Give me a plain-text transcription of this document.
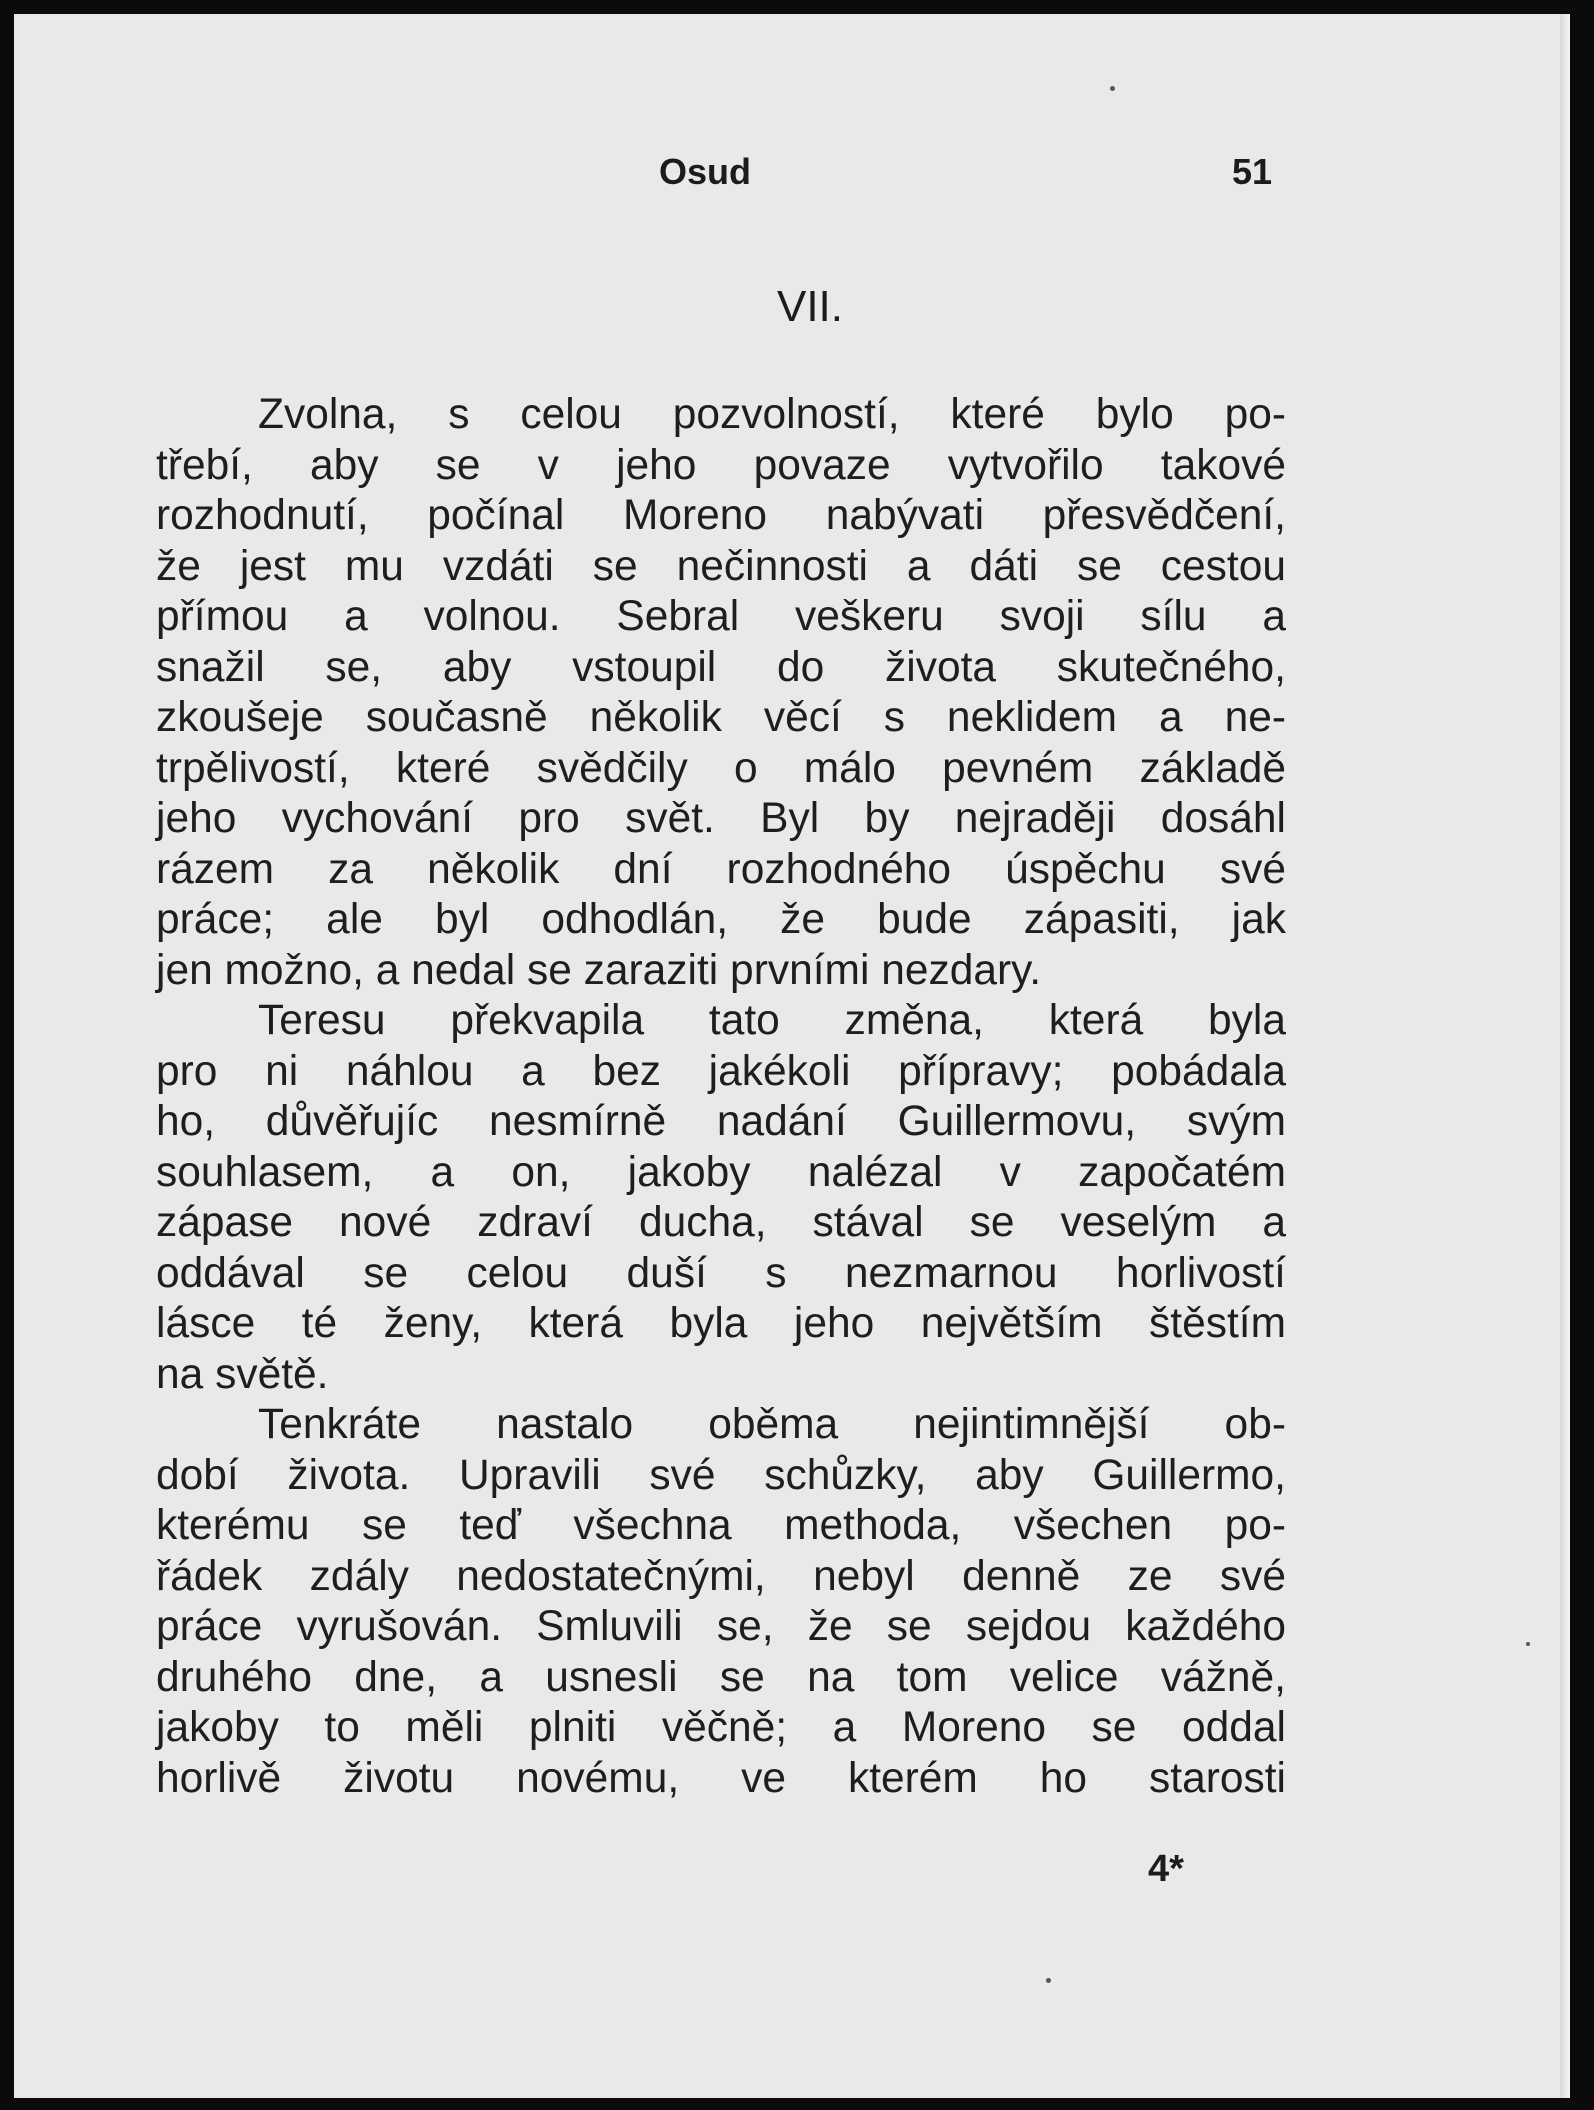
Osud	51
VII.
Zvolna, s celou pozvolností, které bylo po-
třebí, aby se v jeho povaze vytvořilo takové
rozhodnutí, počínal Moreno nabývati přesvědčení,
že jest mu vzdáti se nečinnosti a dáti se cestou
přímou a volnou. Sebral veškeru svoji sílu a
snažil se, aby vstoupil do života skutečného,
zkoušeje současně několik věcí s neklidem a ne-
trpělivostí, které svědčily o málo pevném základě
jeho vychování pro svět. Byl by nejraději dosáhl
rázem za několik dní rozhodného úspěchu své
práce; ale byl odhodlán, že bude zápasiti, jak
jen možno, a nedal se zaraziti prvními nezdary.
Teresu překvapila tato změna, která byla
pro ni náhlou a bez jakékoli přípravy; pobádala
ho, důvěřujíc nesmírně nadání Guillermovu, svým
souhlasem, a on, jakoby nalézal v započatém
zápase nové zdraví ducha, stával se veselým a
oddával se celou duší s nezmarnou horlivostí
lásce té ženy, která byla jeho největším štěstím
na světě.
Tenkráte nastalo oběma nejintimnější ob-
dobí života. Upravili své schůzky, aby Guillermo,
kterému se teď všechna methoda, všechen po-
řádek zdály nedostatečnými, nebyl denně ze své
práce vyrušován. Smluvili se, že se sejdou každého
druhého dne, a usnesli se na tom velice vážně,
jakoby to měli plniti věčně; a Moreno se oddal
horlivě životu novému, ve kterém ho starosti
4*
